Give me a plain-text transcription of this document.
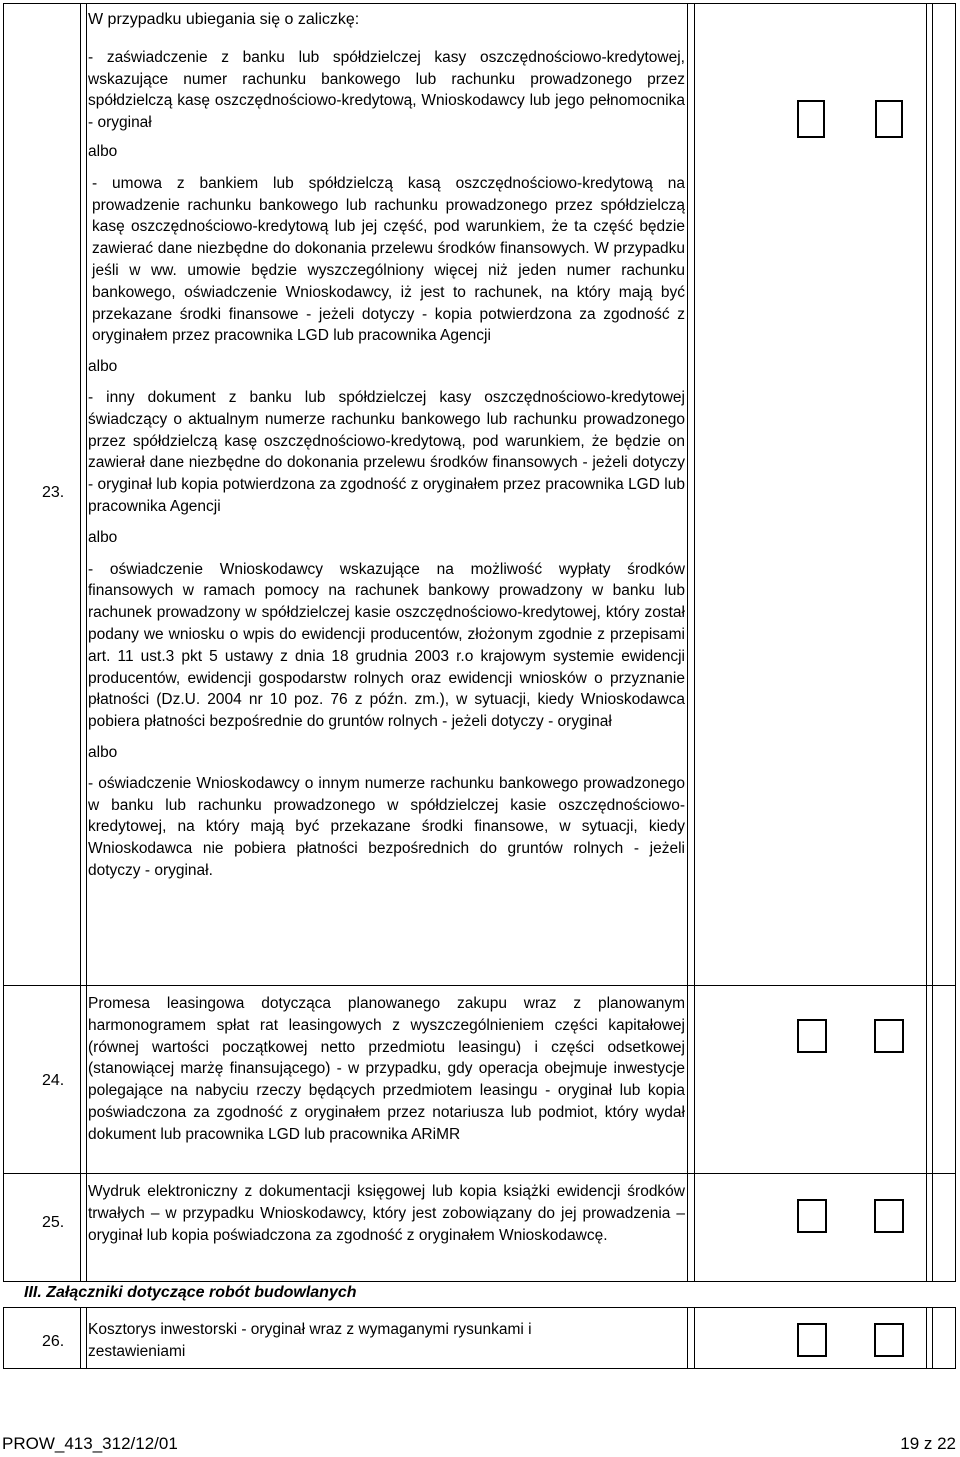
23.

W przypadku ubiegania się o zaliczkę:

- zaświadczenie z banku lub spółdzielczej kasy oszczędnościowo-kredytowej, wskazujące numer rachunku bankowego lub rachunku prowadzonego przez spółdzielczą kasę oszczędnościowo-kredytową, Wnioskodawcy lub jego pełnomocnika - oryginał

albo

- umowa z bankiem lub spółdzielczą kasą oszczędnościowo-kredytową na prowadzenie rachunku bankowego lub rachunku prowadzonego przez spółdzielczą kasę oszczędnościowo-kredytową lub jej część, pod warunkiem, że ta część będzie zawierać dane niezbędne do dokonania przelewu środków finansowych. W przypadku jeśli w ww. umowie będzie wyszczególniony więcej niż jeden numer rachunku bankowego, oświadczenie Wnioskodawcy, iż jest to rachunek, na który mają być przekazane środki finansowe - jeżeli dotyczy - kopia potwierdzona za zgodność z oryginałem przez pracownika LGD lub pracownika Agencji

albo

- inny dokument z banku lub spółdzielczej kasy oszczędnościowo-kredytowej świadczący o aktualnym numerze rachunku bankowego lub rachunku prowadzonego przez spółdzielczą kasę oszczędnościowo-kredytową, pod warunkiem, że będzie on zawierał dane niezbędne do dokonania przelewu środków finansowych - jeżeli dotyczy - oryginał lub kopia potwierdzona za zgodność z oryginałem przez pracownika LGD lub pracownika Agencji

albo

- oświadczenie Wnioskodawcy wskazujące na możliwość wypłaty środków finansowych w ramach pomocy na rachunek bankowy prowadzony w banku lub rachunek prowadzony w spółdzielczej kasie oszczędnościowo-kredytowej, który został podany we wniosku o wpis do ewidencji producentów, złożonym zgodnie z przepisami art. 11 ust.3 pkt 5 ustawy z dnia 18 grudnia 2003 r.o krajowym systemie ewidencji producentów, ewidencji gospodarstw rolnych oraz ewidencji wniosków o przyznanie płatności (Dz.U. 2004 nr 10 poz. 76 z późn. zm.), w sytuacji, kiedy Wnioskodawca pobiera płatności bezpośrednie do gruntów rolnych - jeżeli dotyczy - oryginał

albo

- oświadczenie Wnioskodawcy o innym numerze rachunku bankowego prowadzonego w banku lub rachunku prowadzonego w spółdzielczej kasie oszczędnościowo-kredytowej, na który mają być przekazane środki finansowe, w sytuacji, kiedy Wnioskodawca nie pobiera płatności bezpośrednich do gruntów rolnych - jeżeli dotyczy - oryginał.

24.
Promesa leasingowa dotycząca planowanego zakupu wraz z planowanym harmonogramem spłat rat leasingowych z wyszczególnieniem części kapitałowej (równej wartości początkowej netto przedmiotu leasingu) i części odsetkowej (stanowiącej marżę finansującego) - w przypadku, gdy operacja obejmuje inwestycje polegające na nabyciu rzeczy będących przedmiotem leasingu - oryginał lub kopia poświadczona za zgodność z oryginałem przez notariusza lub podmiot, który wydał dokument lub pracownika LGD lub pracownika ARiMR
25.
Wydruk elektroniczny z dokumentacji księgowej lub kopia książki ewidencji środków trwałych – w przypadku Wnioskodawcy, który jest zobowiązany do jej prowadzenia – oryginał lub kopia poświadczona za zgodność z oryginałem Wnioskodawcę.
III. Załączniki dotyczące robót budowlanych
26.
Kosztorys inwestorski - oryginał wraz z wymaganymi rysunkami i zestawieniami
PROW_413_312/12/01	19 z 22
